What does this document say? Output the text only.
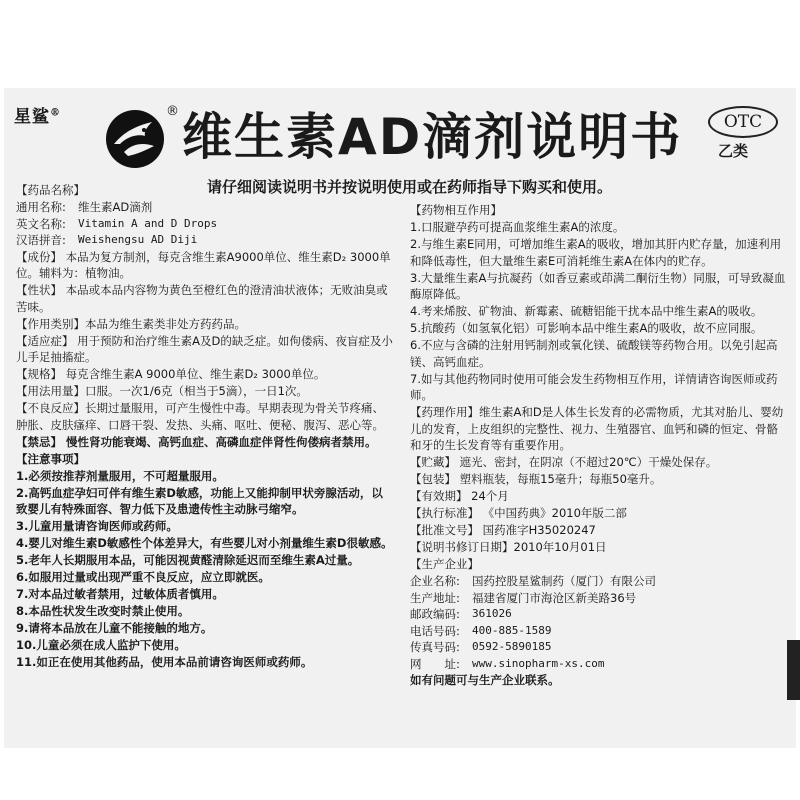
星鲨®	® 维生素AD滴剂说明书	OTC
乙类
请仔细阅读说明书并按说明使用或在药师指导下购买和使用。
【药品名称】
通用名称:	维生素AD滴剂
英文名称:	Vitamin A and D Drops
汉语拼音:	Weishengsu AD Diji
【成份】 本品为复方制剂，每克含维生素A9000单位、维生素D₂ 3000单位。辅料为：植物油。
【性状】 本品或本品内容物为黄色至橙红色的澄清油状液体；无败油臭或苦味。
【作用类别】本品为维生素类非处方药药品。
【适应症】 用于预防和治疗维生素A及D的缺乏症。如佝偻病、夜盲症及小儿手足抽搐症。
【规格】 每克含维生素A 9000单位、维生素D₂ 3000单位。
【用法用量】口服。一次1/6克（相当于5滴），一日1次。
【不良反应】长期过量服用，可产生慢性中毒。早期表现为骨关节疼痛、肿胀、皮肤瘙痒、口唇干裂、发热、头痛、呕吐、便秘、腹泻、恶心等。
【禁忌】 慢性肾功能衰竭、高钙血症、高磷血症伴肾性佝偻病者禁用。
【注意事项】
1.必须按推荐剂量服用，不可超量服用。
2.高钙血症孕妇可伴有维生素D敏感，功能上又能抑制甲状旁腺活动，以致婴儿有特殊面容、智力低下及患遗传性主动脉弓缩窄。
3.儿童用量请咨询医师或药师。
4.婴儿对维生素D敏感性个体差异大，有些婴儿对小剂量维生素D很敏感。
5.老年人长期服用本品，可能因视黄醛清除延迟而至维生素A过量。
6.如服用过量或出现严重不良反应，应立即就医。
7.对本品过敏者禁用，过敏体质者慎用。
8.本品性状发生改变时禁止使用。
9.请将本品放在儿童不能接触的地方。
10.儿童必须在成人监护下使用。
11.如正在使用其他药品，使用本品前请咨询医师或药师。
【药物相互作用】
1.口服避孕药可提高血浆维生素A的浓度。
2.与维生素E同用，可增加维生素A的吸收，增加其肝内贮存量，加速利用和降低毒性，但大量维生素E可消耗维生素A在体内的贮存。
3.大量维生素A与抗凝药（如香豆素或茚满二酮衍生物）同服，可导致凝血酶原降低。
4.考来烯胺、矿物油、新霉素、硫糖铝能干扰本品中维生素A的吸收。
5.抗酸药（如氢氧化铝）可影响本品中维生素A的吸收，故不应同服。
6.不应与含磷的注射用钙制剂或氧化镁、硫酸镁等药物合用。以免引起高镁、高钙血症。
7.如与其他药物同时使用可能会发生药物相互作用，详情请咨询医师或药师。
【药理作用】维生素A和D是人体生长发育的必需物质，尤其对胎儿、婴幼儿的发育，上皮组织的完整性、视力、生殖器官、血钙和磷的恒定、骨骼和牙的生长发育等有重要作用。
【贮藏】 遮光、密封，在阴凉（不超过20℃）干燥处保存。
【包装】 塑料瓶装，每瓶15毫升；每瓶50毫升。
【有效期】 24个月
【执行标准】 《中国药典》2010年版二部
【批准文号】 国药准字H35020247
【说明书修订日期】2010年10月01日
【生产企业】
企业名称:	国药控股星鲨制药（厦门）有限公司
生产地址:	福建省厦门市海沧区新美路36号
邮政编码:	361026
电话号码:	400-885-1589
传真号码:	0592-5890185
网　　址:	www.sinopharm-xs.com
如有问题可与生产企业联系。
